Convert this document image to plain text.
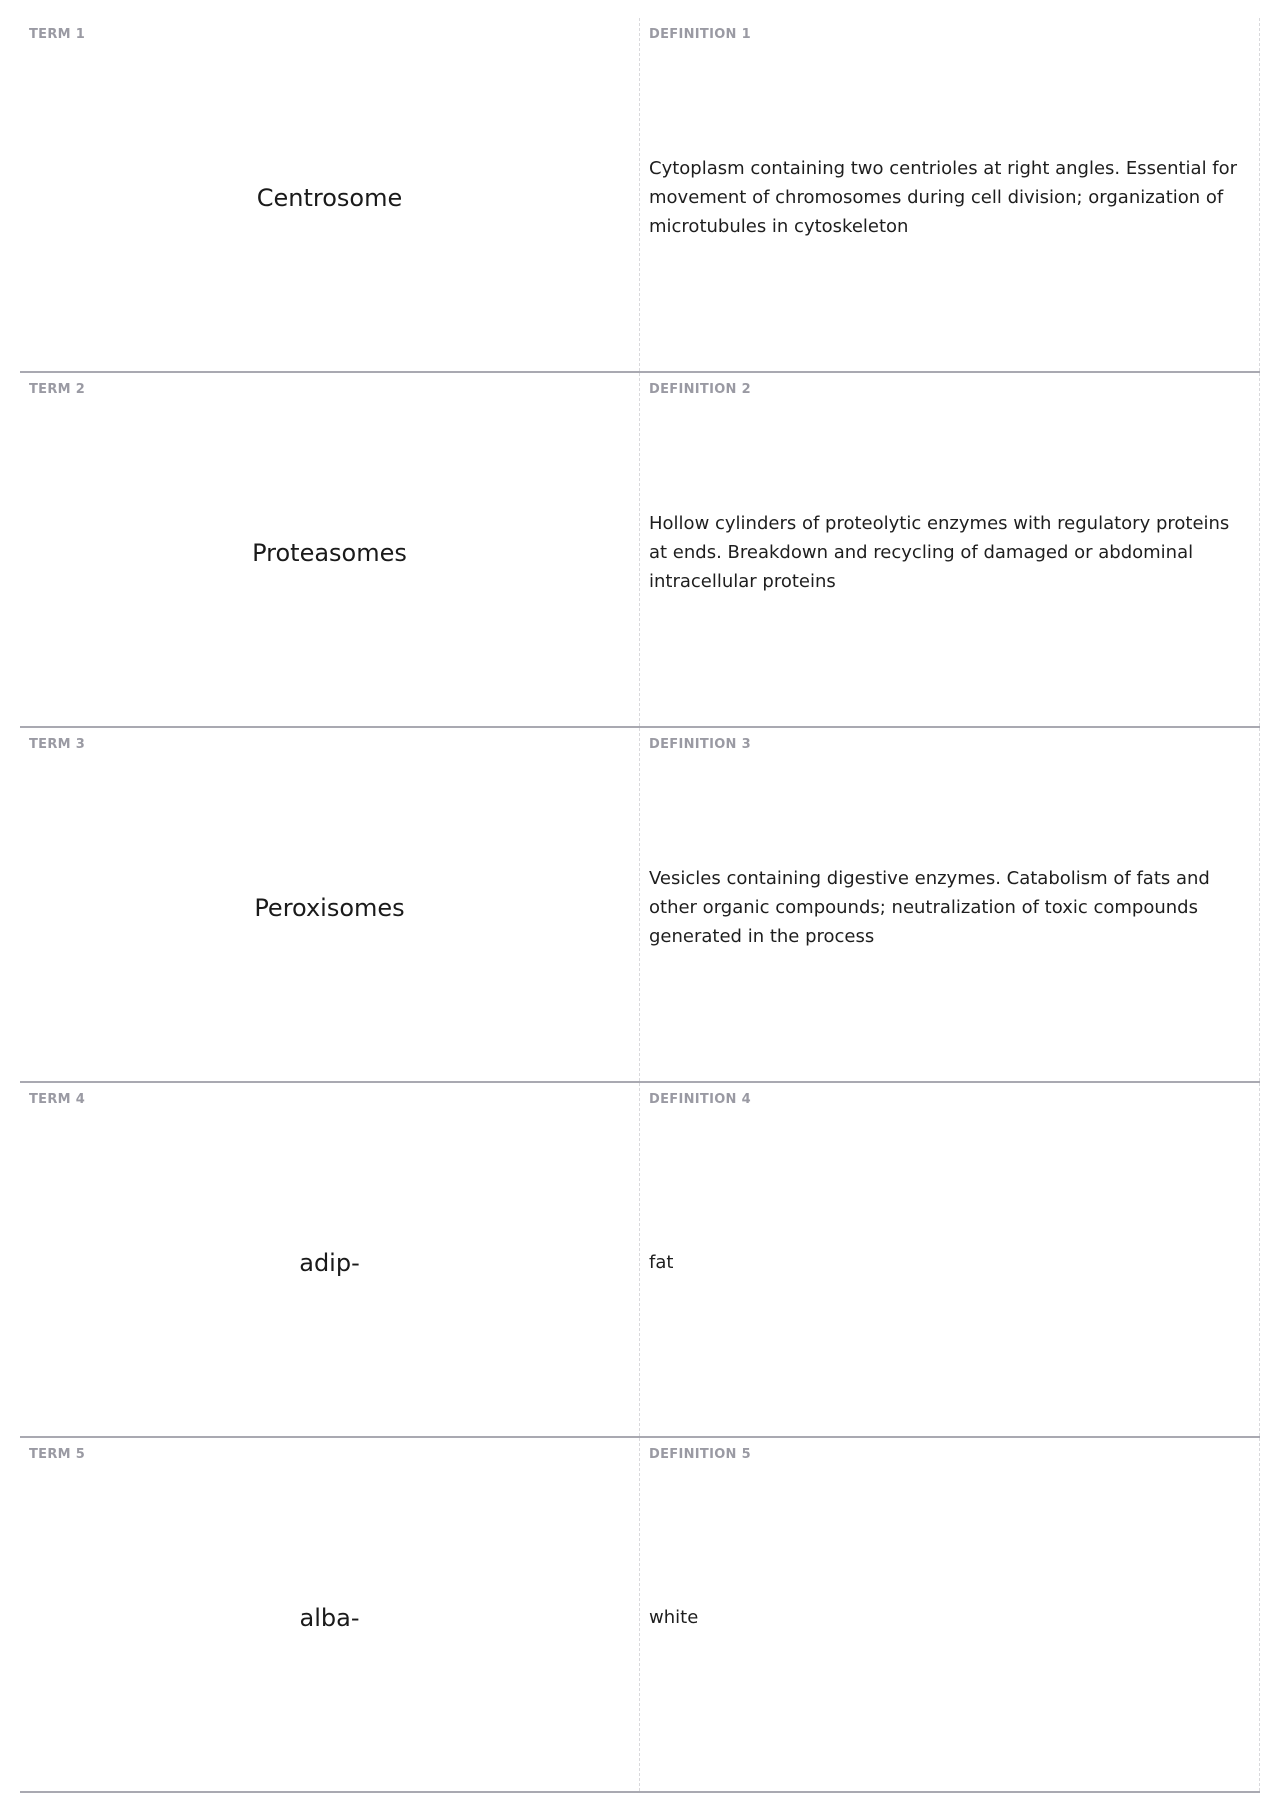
TERM 1
Centrosome
DEFINITION 1
Cytoplasm containing two centrioles at right angles. Essential for movement of chromosomes during cell division; organization of microtubules in cytoskeleton
TERM 2
Proteasomes
DEFINITION 2
Hollow cylinders of proteolytic enzymes with regulatory proteins at ends. Breakdown and recycling of damaged or abdominal intracellular proteins
TERM 3
Peroxisomes
DEFINITION 3
Vesicles containing digestive enzymes. Catabolism of fats and other organic compounds; neutralization of toxic compounds generated in the process
TERM 4
adip-
DEFINITION 4
fat
TERM 5
alba-
DEFINITION 5
white
